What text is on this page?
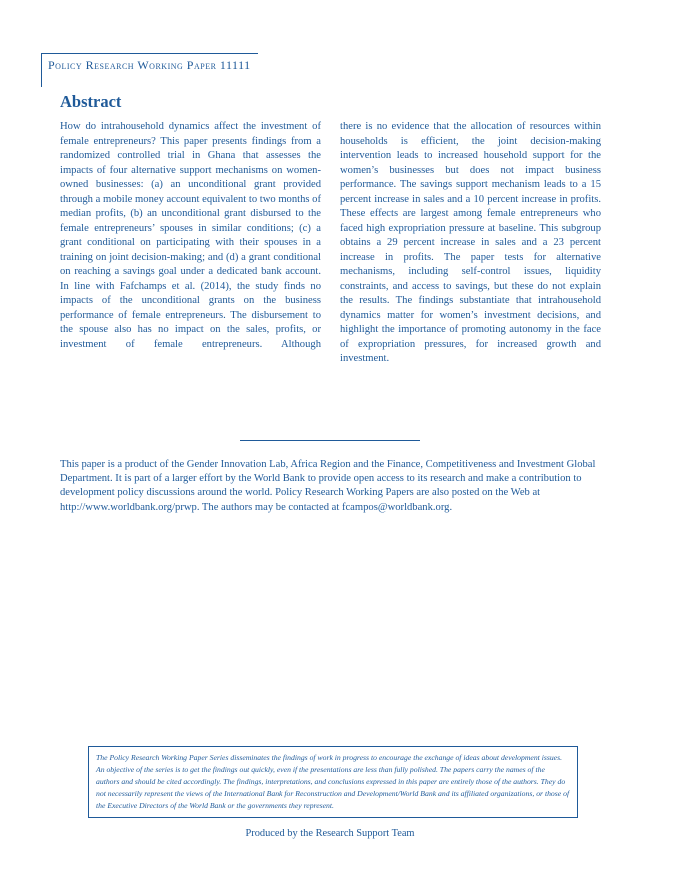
Policy Research Working Paper 11111
Abstract
How do intrahousehold dynamics affect the investment of female entrepreneurs? This paper presents findings from a randomized controlled trial in Ghana that assesses the impacts of four alternative support mechanisms on women-owned businesses: (a) an unconditional grant provided through a mobile money account equivalent to two months of median profits, (b) an unconditional grant disbursed to the female entrepreneurs’ spouses in similar conditions; (c) a grant conditional on participating with their spouses in a training on joint decision-making; and (d) a grant conditional on reaching a savings goal under a dedicated bank account. In line with Fafchamps et al. (2014), the study finds no impacts of the unconditional grants on the business performance of female entrepreneurs. The disbursement to the spouse also has no impact on the sales, profits, or investment of female entrepreneurs. Although
there is no evidence that the allocation of resources within households is efficient, the joint decision-making intervention leads to increased household support for the women’s businesses but does not impact business performance. The savings support mechanism leads to a 15 percent increase in sales and a 10 percent increase in profits. These effects are largest among female entrepreneurs who faced high expropriation pressure at baseline. This subgroup obtains a 29 percent increase in sales and a 23 percent increase in profits. The paper tests for alternative mechanisms, including self-control issues, liquidity constraints, and access to savings, but these do not explain the results. The findings substantiate that intrahousehold dynamics matter for women’s investment decisions, and highlight the importance of promoting autonomy in the face of expropriation pressures, for increased growth and investment.
This paper is a product of the Gender Innovation Lab, Africa Region and the Finance, Competitiveness and Investment Global Department. It is part of a larger effort by the World Bank to provide open access to its research and make a contribution to development policy discussions around the world. Policy Research Working Papers are also posted on the Web at http://www.worldbank.org/prwp. The authors may be contacted at fcampos@worldbank.org.
The Policy Research Working Paper Series disseminates the findings of work in progress to encourage the exchange of ideas about development issues. An objective of the series is to get the findings out quickly, even if the presentations are less than fully polished. The papers carry the names of the authors and should be cited accordingly. The findings, interpretations, and conclusions expressed in this paper are entirely those of the authors. They do not necessarily represent the views of the International Bank for Reconstruction and Development/World Bank and its affiliated organizations, or those of the Executive Directors of the World Bank or the governments they represent.
Produced by the Research Support Team
